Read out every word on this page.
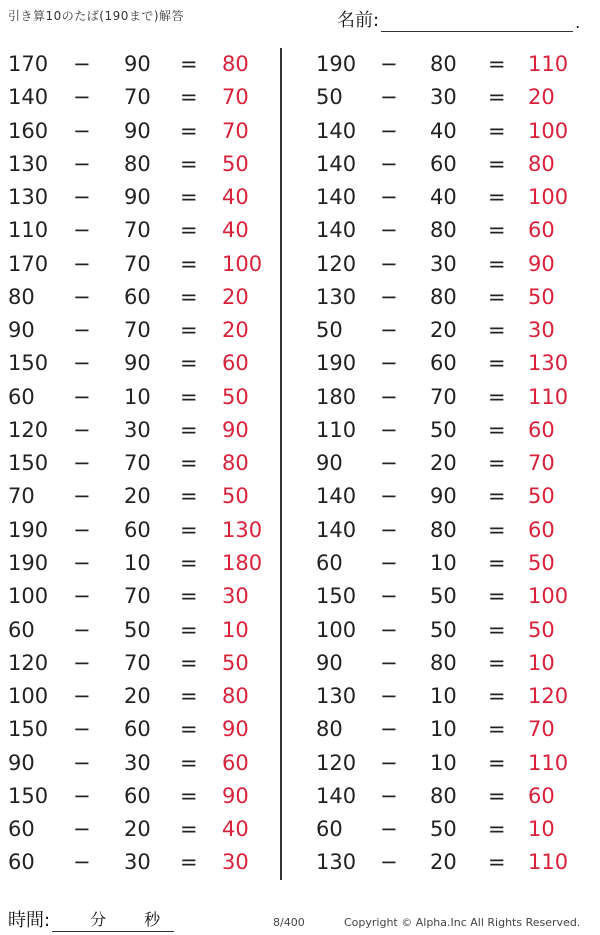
引き算10のたば(190まで)解答	名前:	.
170 − 90 = 80
140 − 70 = 70
160 − 90 = 70
130 − 80 = 50
130 − 90 = 40
110 − 70 = 40
170 − 70 = 100
80 − 60 = 20
90 − 70 = 20
150 − 90 = 60
60 − 10 = 50
120 − 30 = 90
150 − 70 = 80
70 − 20 = 50
190 − 60 = 130
190 − 10 = 180
100 − 70 = 30
60 − 50 = 10
120 − 70 = 50
100 − 20 = 80
150 − 60 = 90
90 − 30 = 60
150 − 60 = 90
60 − 20 = 40
60 − 30 = 30
190 − 80 = 110
50 − 30 = 20
140 − 40 = 100
140 − 60 = 80
140 − 40 = 100
140 − 80 = 60
120 − 30 = 90
130 − 80 = 50
50 − 20 = 30
190 − 60 = 130
180 − 70 = 110
110 − 50 = 60
90 − 20 = 70
140 − 90 = 50
140 − 80 = 60
60 − 10 = 50
150 − 50 = 100
100 − 50 = 50
90 − 80 = 10
130 − 10 = 120
80 − 10 = 70
120 − 10 = 110
140 − 80 = 60
60 − 50 = 10
130 − 20 = 110
時間:	分 秒	8/400	Copyright © Alpha.Inc All Rights Reserved.
